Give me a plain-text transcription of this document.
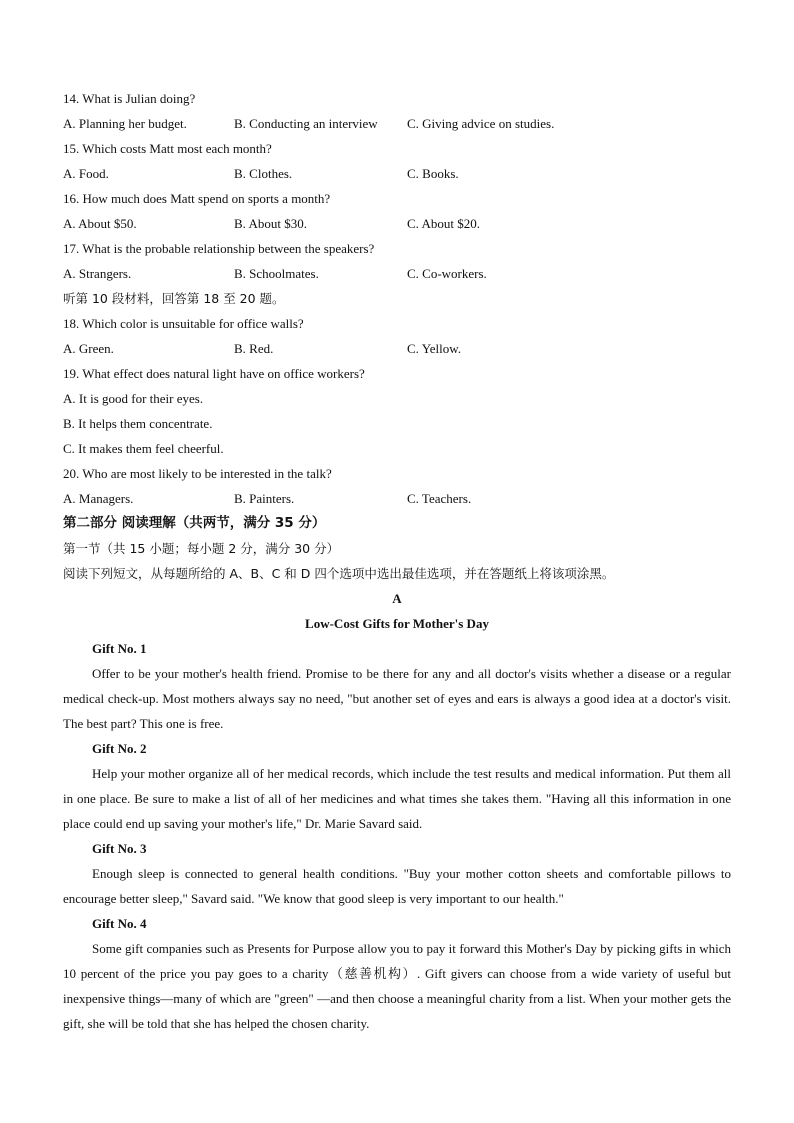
14. What is Julian doing?
A. Planning her budget.	B. Conducting an interview	C. Giving advice on studies.
15. Which costs Matt most each month?
A. Food.	B. Clothes.	C. Books.
16. How much does Matt spend on sports a month?
A. About $50.	B. About $30.	C. About $20.
17. What is the probable relationship between the speakers?
A. Strangers.	B. Schoolmates.	C. Co-workers.
听第 10 段材料，回答第 18 至 20 题。
18. Which color is unsuitable for office walls?
A. Green.	B. Red.	C. Yellow.
19. What effect does natural light have on office workers?
A. It is good for their eyes.
B. It helps them concentrate.
C. It makes them feel cheerful.
20. Who are most likely to be interested in the talk?
A. Managers.	B. Painters.	C. Teachers.
第二部分 阅读理解（共两节，满分 35 分）
第一节（共 15 小题；每小题 2 分，满分 30 分）
阅读下列短文，从每题所给的 A、B、C 和 D 四个选项中选出最佳选项，并在答题纸上将该项涂黑。
A
Low-Cost Gifts for Mother's Day
Gift No. 1

Offer to be your mother's health friend. Promise to be there for any and all doctor's visits whether a disease or a regular medical check-up. Most mothers always say no need, "but another set of eyes and ears is always a good idea at a doctor's visit. The best part? This one is free.

Gift No. 2

Help your mother organize all of her medical records, which include the test results and medical information. Put them all in one place. Be sure to make a list of all of her medicines and what times she takes them. "Having all this information in one place could end up saving your mother's life," Dr. Marie Savard said.

Gift No. 3

Enough sleep is connected to general health conditions. "Buy your mother cotton sheets and comfortable pillows to encourage better sleep," Savard said. "We know that good sleep is very important to our health."

Gift No. 4

Some gift companies such as Presents for Purpose allow you to pay it forward this Mother's Day by picking gifts in which 10 percent of the price you pay goes to a charity（慈善机构）. Gift givers can choose from a wide variety of useful but inexpensive things—many of which are "green" —and then choose a meaningful charity from a list. When your mother gets the gift, she will be told that she has helped the chosen charity.
